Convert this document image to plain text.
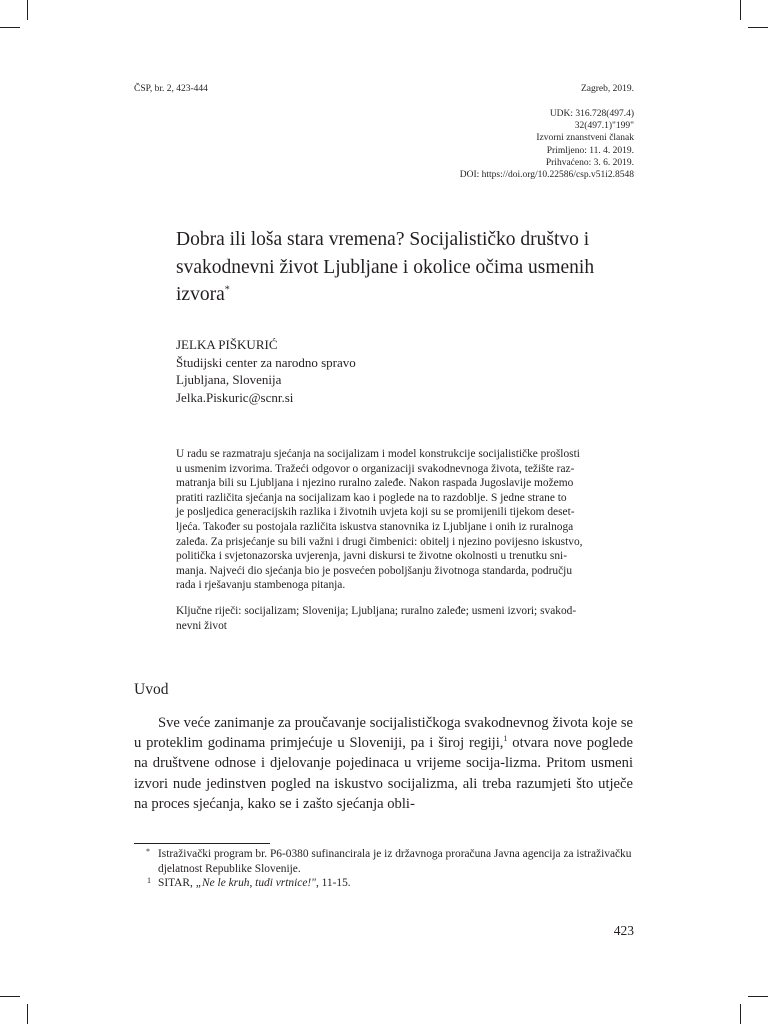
ČSP, br. 2, 423-444	Zagreb, 2019.
UDK: 316.728(497.4)
32(497.1)"199"
Izvorni znanstveni članak
Primljeno: 11. 4. 2019.
Prihvaćeno: 3. 6. 2019.
DOI: https://doi.org/10.22586/csp.v51i2.8548
Dobra ili loša stara vremena? Socijalističko društvo i
svakodnevni život Ljubljane i okolice očima usmenih
izvora*
JELKA PIŠKURIĆ
Študijski center za narodno spravo
Ljubljana, Slovenija
Jelka.Piskuric@scnr.si
U radu se razmatraju sjećanja na socijalizam i model konstrukcije socijalističke prošlosti
u usmenim izvorima. Tražeći odgovor o organizaciji svakodnevnoga života, težište raz-
matranja bili su Ljubljana i njezino ruralno zaleđe. Nakon raspada Jugoslavije možemo
pratiti različita sjećanja na socijalizam kao i poglede na to razdoblje. S jedne strane to
je posljedica generacijskih razlika i životnih uvjeta koji su se promijenili tijekom deset-
ljeća. Također su postojala različita iskustva stanovnika iz Ljubljane i onih iz ruralnoga
zaleđa. Za prisjećanje su bili važni i drugi čimbenici: obitelj i njezino povijesno iskustvo,
politička i svjetonazorska uvjerenja, javni diskursi te životne okolnosti u trenutku sni-
manja. Najveći dio sjećanja bio je posvećen poboljšanju životnoga standarda, području
rada i rješavanju stambenoga pitanja.
Ključne riječi: socijalizam; Slovenija; Ljubljana; ruralno zaleđe; usmeni izvori; svakod-
nevni život
Uvod

Sve veće zanimanje za proučavanje socijalističkoga svakodnevnog života koje se u proteklim godinama primjećuje u Sloveniji, pa i široj regiji,$^1$ otvara nove poglede na društvene odnose i djelovanje pojedinaca u vrijeme socija-lizma. Pritom usmeni izvori nude jedinstven pogled na iskustvo socijalizma, ali treba razumjeti što utječe na proces sjećanja, kako se i zašto sjećanja obli-

* Istraživački program br. P6-0380 sufinancirala je iz državnoga proračuna Javna agencija za istraživačku djelatnost Republike Slovenije.

1 SITAR, „Ne le kruh, tudi vrtnice!", 11-15.

423
